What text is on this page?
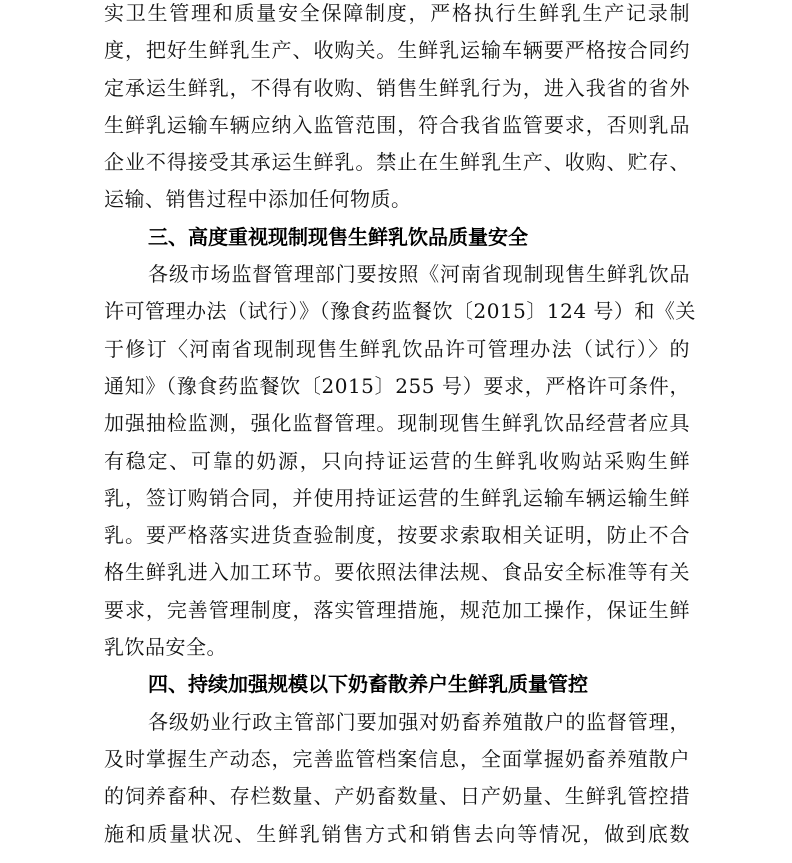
实卫生管理和质量安全保障制度，严格执行生鲜乳生产记录制
度，把好生鲜乳生产、收购关。生鲜乳运输车辆要严格按合同约
定承运生鲜乳，不得有收购、销售生鲜乳行为，进入我省的省外
生鲜乳运输车辆应纳入监管范围，符合我省监管要求，否则乳品
企业不得接受其承运生鲜乳。禁止在生鲜乳生产、收购、贮存、
运输、销售过程中添加任何物质。
三、高度重视现制现售生鲜乳饮品质量安全
各级市场监督管理部门要按照《河南省现制现售生鲜乳饮品
许可管理办法（试行）》（豫食药监餐饮〔2015〕124 号）和《关
于修订〈河南省现制现售生鲜乳饮品许可管理办法（试行）〉的
通知》（豫食药监餐饮〔2015〕255 号）要求，严格许可条件，
加强抽检监测，强化监督管理。现制现售生鲜乳饮品经营者应具
有稳定、可靠的奶源，只向持证运营的生鲜乳收购站采购生鲜
乳，签订购销合同，并使用持证运营的生鲜乳运输车辆运输生鲜
乳。要严格落实进货查验制度，按要求索取相关证明，防止不合
格生鲜乳进入加工环节。要依照法律法规、食品安全标准等有关
要求，完善管理制度，落实管理措施，规范加工操作，保证生鲜
乳饮品安全。
四、持续加强规模以下奶畜散养户生鲜乳质量管控
各级奶业行政主管部门要加强对奶畜养殖散户的监督管理，
及时掌握生产动态，完善监管档案信息，全面掌握奶畜养殖散户
的饲养畜种、存栏数量、产奶畜数量、日产奶量、生鲜乳管控措
施和质量状况、生鲜乳销售方式和销售去向等情况，做到底数
